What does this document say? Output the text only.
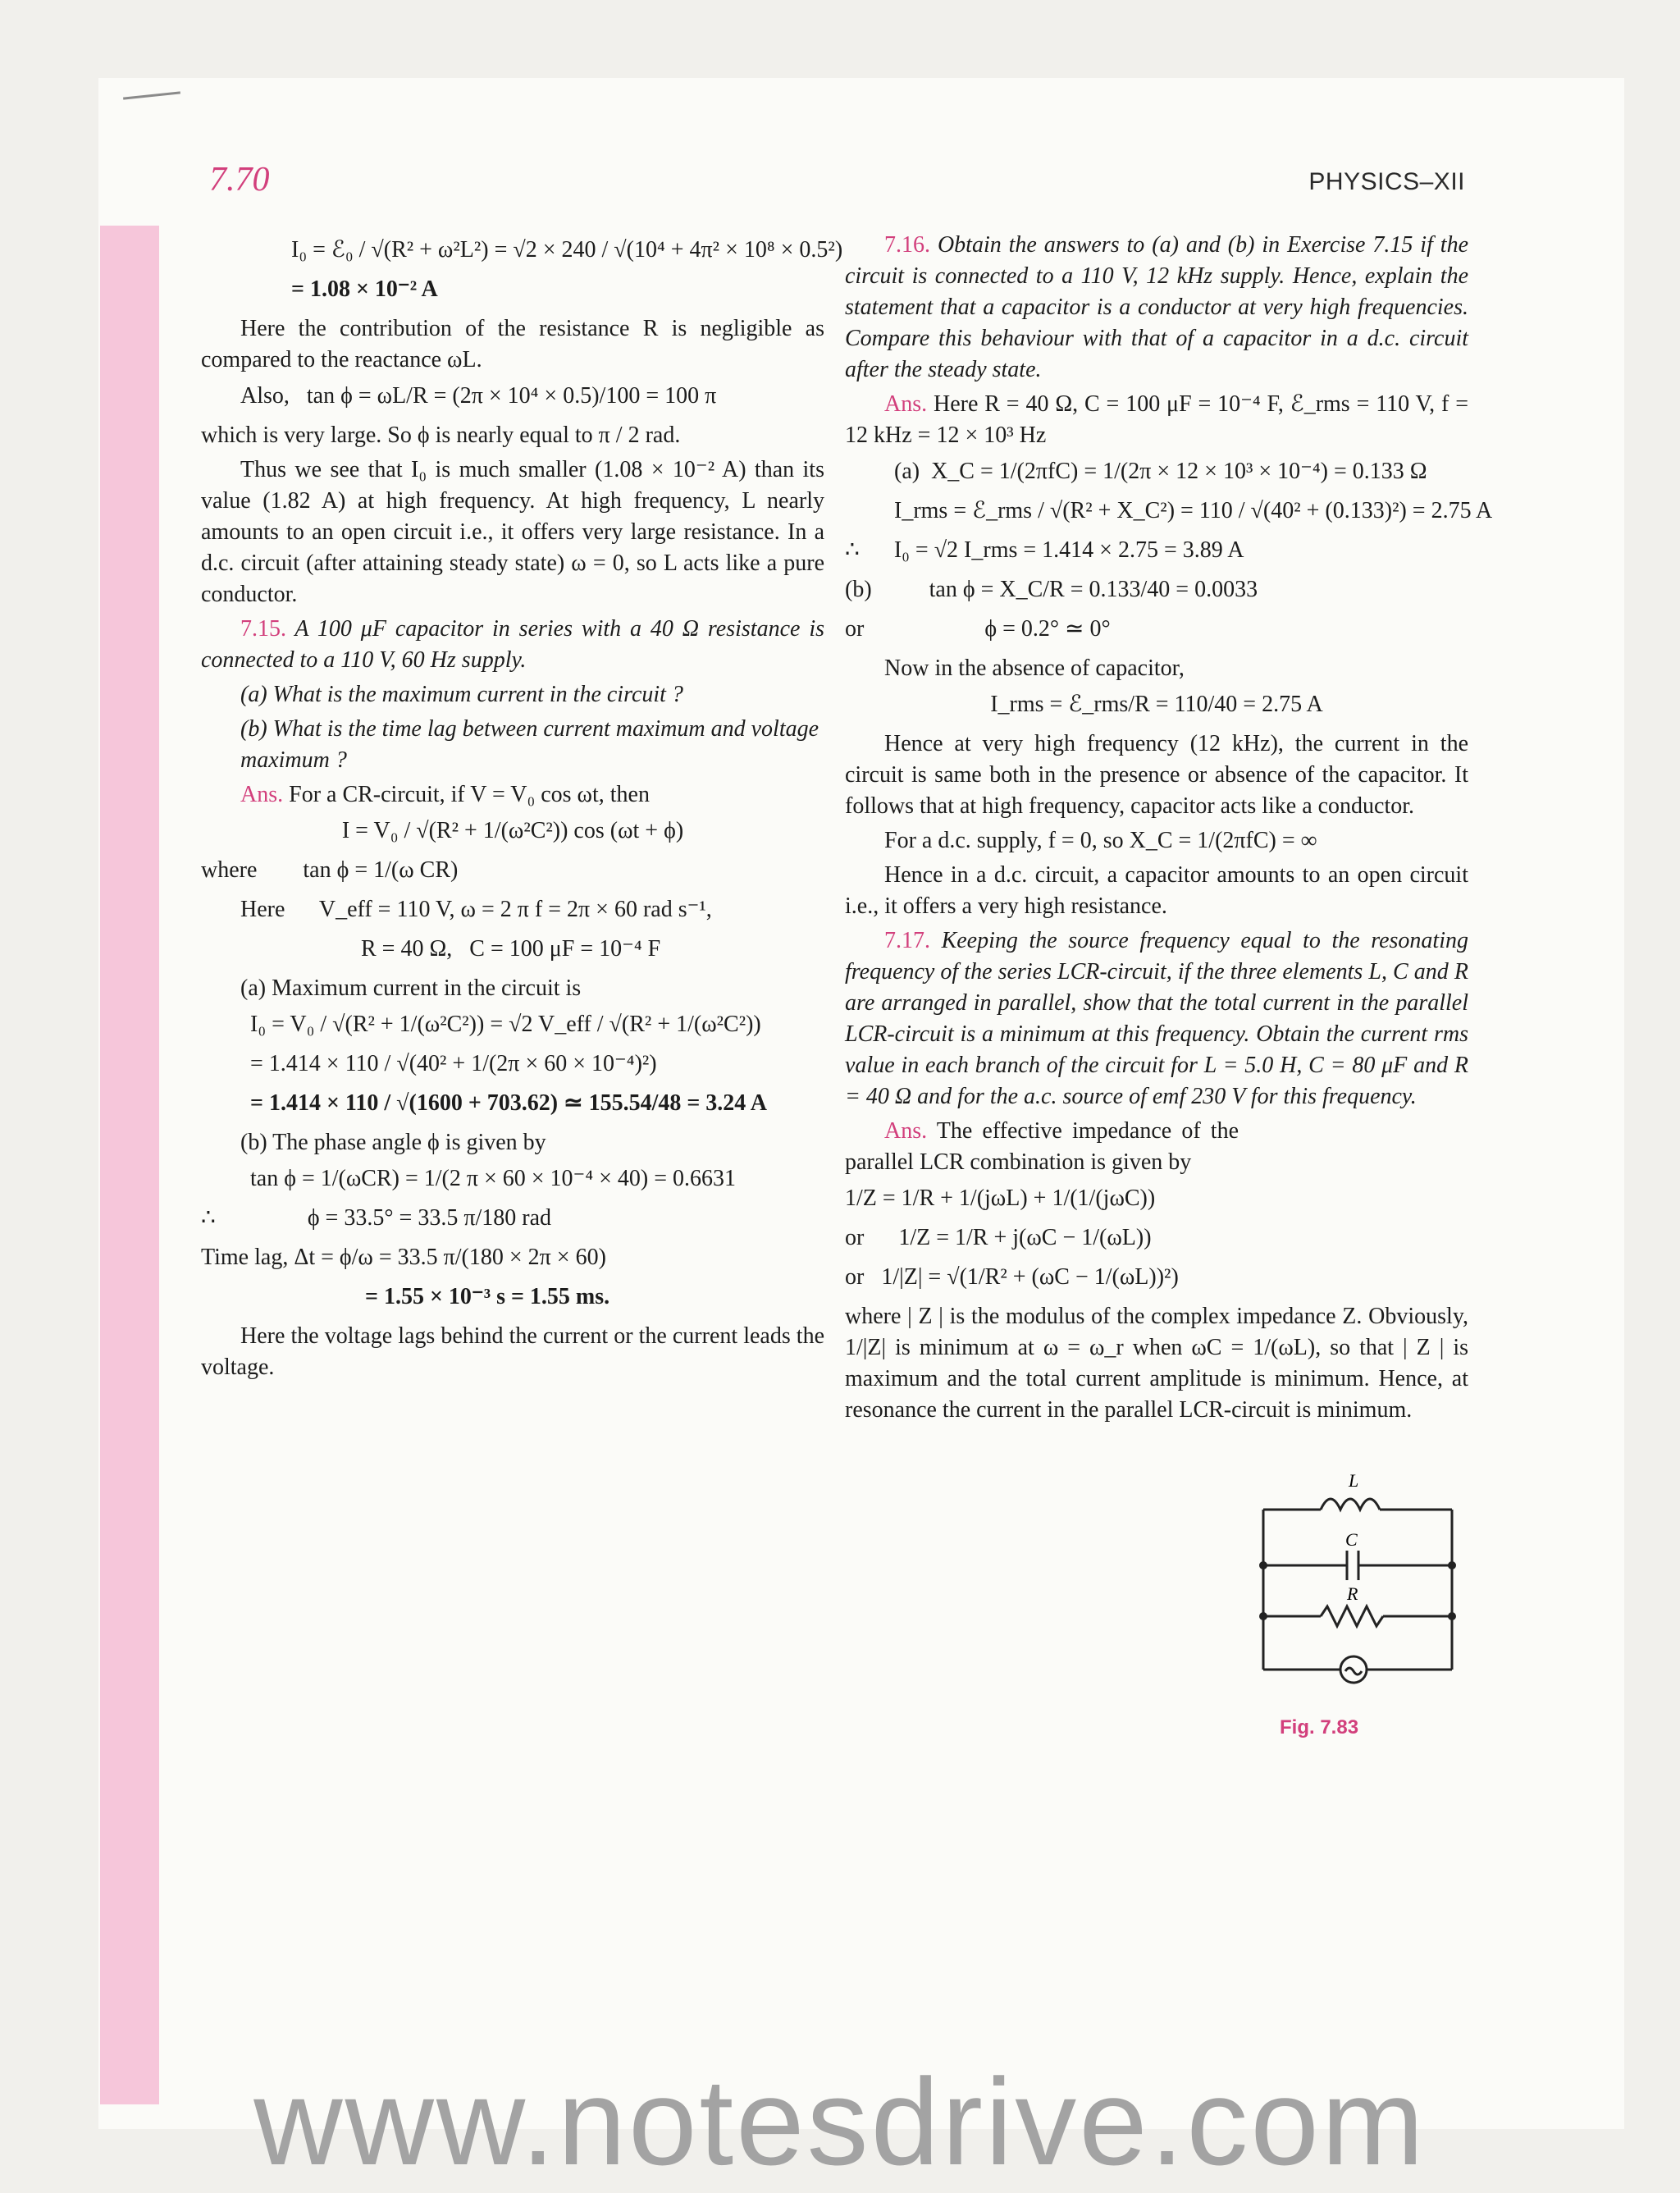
7.70	PHYSICS–XII
I₀ = ℰ₀ / √(R² + ω²L²) = √2 × 240 / √(10⁴ + 4π² × 10⁸ × 0.5²)
= 1.08 × 10⁻² A

Here the contribution of the resistance R is negligible as compared to the reactance ωL.

Also,   tan ϕ = ωL/R = (2π × 10⁴ × 0.5)/100 = 100 π

which is very large. So ϕ is nearly equal to π / 2 rad.

Thus we see that I₀ is much smaller (1.08 × 10⁻² A) than its value (1.82 A) at high frequency. At high frequency, L nearly amounts to an open circuit i.e., it offers very large resistance. In a d.c. circuit (after attaining steady state) ω = 0, so L acts like a pure conductor.

7.15. A 100 μF capacitor in series with a 40 Ω resistance is connected to a 110 V, 60 Hz supply.

(a) What is the maximum current in the circuit ?

(b) What is the time lag between current maximum and voltage maximum ?

Ans. For a CR-circuit, if V = V₀ cos ωt, then

I = V₀ / √(R² + 1/(ω²C²)) cos (ωt + ϕ)
where        tan ϕ = 1/(ω CR)
Here      V_eff = 110 V, ω = 2 π f = 2π × 60 rad s⁻¹,
R = 40 Ω,   C = 100 μF = 10⁻⁴ F

(a) Maximum current in the circuit is

I₀ = V₀ / √(R² + 1/(ω²C²)) = √2 V_eff / √(R² + 1/(ω²C²))
= 1.414 × 110 / √(40² + 1/(2π × 60 × 10⁻⁴)²)
= 1.414 × 110 / √(1600 + 703.62) ≃ 155.54/48 = 3.24 A

(b) The phase angle ϕ is given by

tan ϕ = 1/(ωCR) = 1/(2 π × 60 × 10⁻⁴ × 40) = 0.6631
∴                ϕ = 33.5° = 33.5 π/180 rad
Time lag, Δt = ϕ/ω = 33.5 π/(180 × 2π × 60)
= 1.55 × 10⁻³ s = 1.55 ms.

Here the voltage lags behind the current or the current leads the voltage.

7.16. Obtain the answers to (a) and (b) in Exercise 7.15 if the circuit is connected to a 110 V, 12 kHz supply. Hence, explain the statement that a capacitor is a conductor at very high frequencies. Compare this behaviour with that of a capacitor in a d.c. circuit after the steady state.

Ans. Here R = 40 Ω, C = 100 μF = 10⁻⁴ F, ℰ_rms = 110 V, f = 12 kHz = 12 × 10³ Hz

(a)  X_C = 1/(2πfC) = 1/(2π × 12 × 10³ × 10⁻⁴) = 0.133 Ω
I_rms = ℰ_rms / √(R² + X_C²) = 110 / √(40² + (0.133)²) = 2.75 A
∴      I₀ = √2 I_rms = 1.414 × 2.75 = 3.89 A
(b)          tan ϕ = X_C/R = 0.133/40 = 0.0033
or                     ϕ = 0.2° ≃ 0°

Now in the absence of capacitor,

I_rms = ℰ_rms/R = 110/40 = 2.75 A

Hence at very high frequency (12 kHz), the current in the circuit is same both in the presence or absence of the capacitor. It follows that at high frequency, capacitor acts like a conductor.

For a d.c. supply, f = 0, so X_C = 1/(2πfC) = ∞

Hence in a d.c. circuit, a capacitor amounts to an open circuit i.e., it offers a very high resistance.

7.17. Keeping the source frequency equal to the resonating frequency of the series LCR-circuit, if the three elements L, C and R are arranged in parallel, show that the total current in the parallel LCR-circuit is a minimum at this frequency. Obtain the current rms value in each branch of the circuit for L = 5.0 H, C = 80 μF and R = 40 Ω and for the a.c. source of emf 230 V for this frequency.

Ans. The effective impedance of the parallel LCR combination is given by

1/Z = 1/R + 1/(jωL) + 1/(1/(jωC))
or      1/Z = 1/R + j(ωC − 1/(ωL))
or   1/|Z| = √(1/R² + (ωC − 1/(ωL))²)

where | Z | is the modulus of the complex impedance Z. Obviously, 1/|Z| is minimum at ω = ω_r when ωC = 1/(ωL), so that | Z | is maximum and the total current amplitude is minimum. Hence, at resonance the current in the parallel LCR-circuit is minimum.

L
C
R
Fig. 7.83
www.notesdrive.com
